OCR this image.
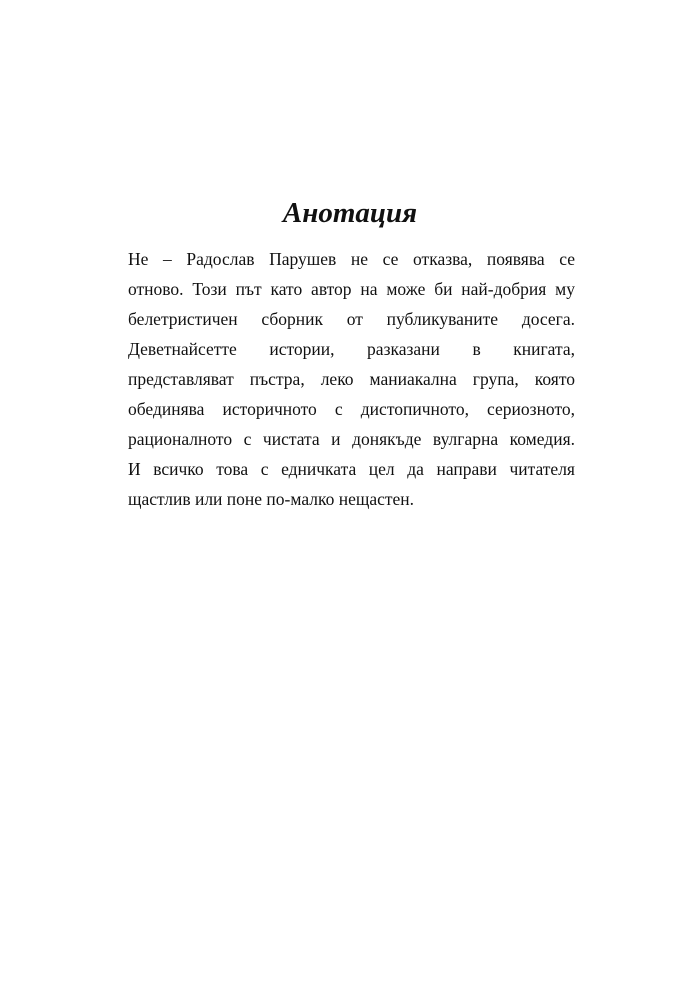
Анотация
Не – Радослав Парушев не се отказва, появява се
отново. Този път като автор на може би най-добрия му
белетристичен сборник от публикуваните досега.
Деветнайсетте истории, разказани в книгата,
представляват пъстра, леко маниакална група, която
обединява историчното с дистопичното, сериозното,
рационалното с чистата и донякъде вулгарна комедия.
И всичко това с едничката цел да направи читателя
щастлив или поне по-малко нещастен.
